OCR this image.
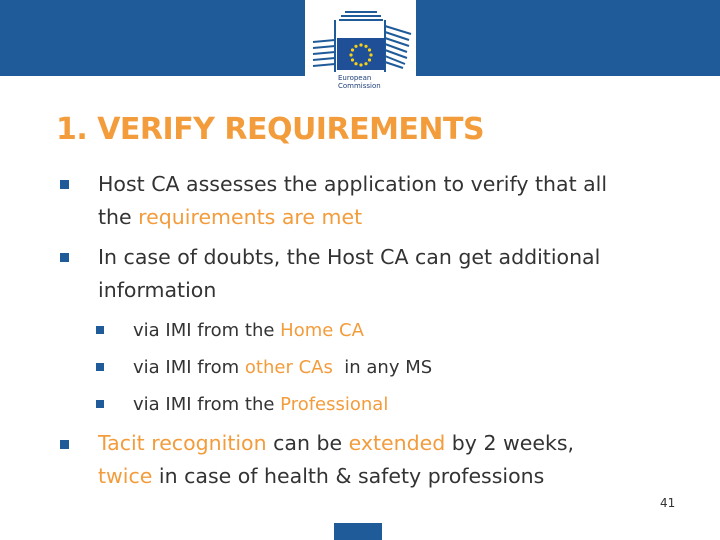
European
Commission
1. VERIFY REQUIREMENTS
Host CA assesses the application to verify that all
the requirements are met
In case of doubts, the Host CA can get additional
information
via IMI from the Home CA
via IMI from other CAs  in any MS
via IMI from the Professional
Tacit recognition can be extended by 2 weeks,
twice in case of health & safety professions
41
